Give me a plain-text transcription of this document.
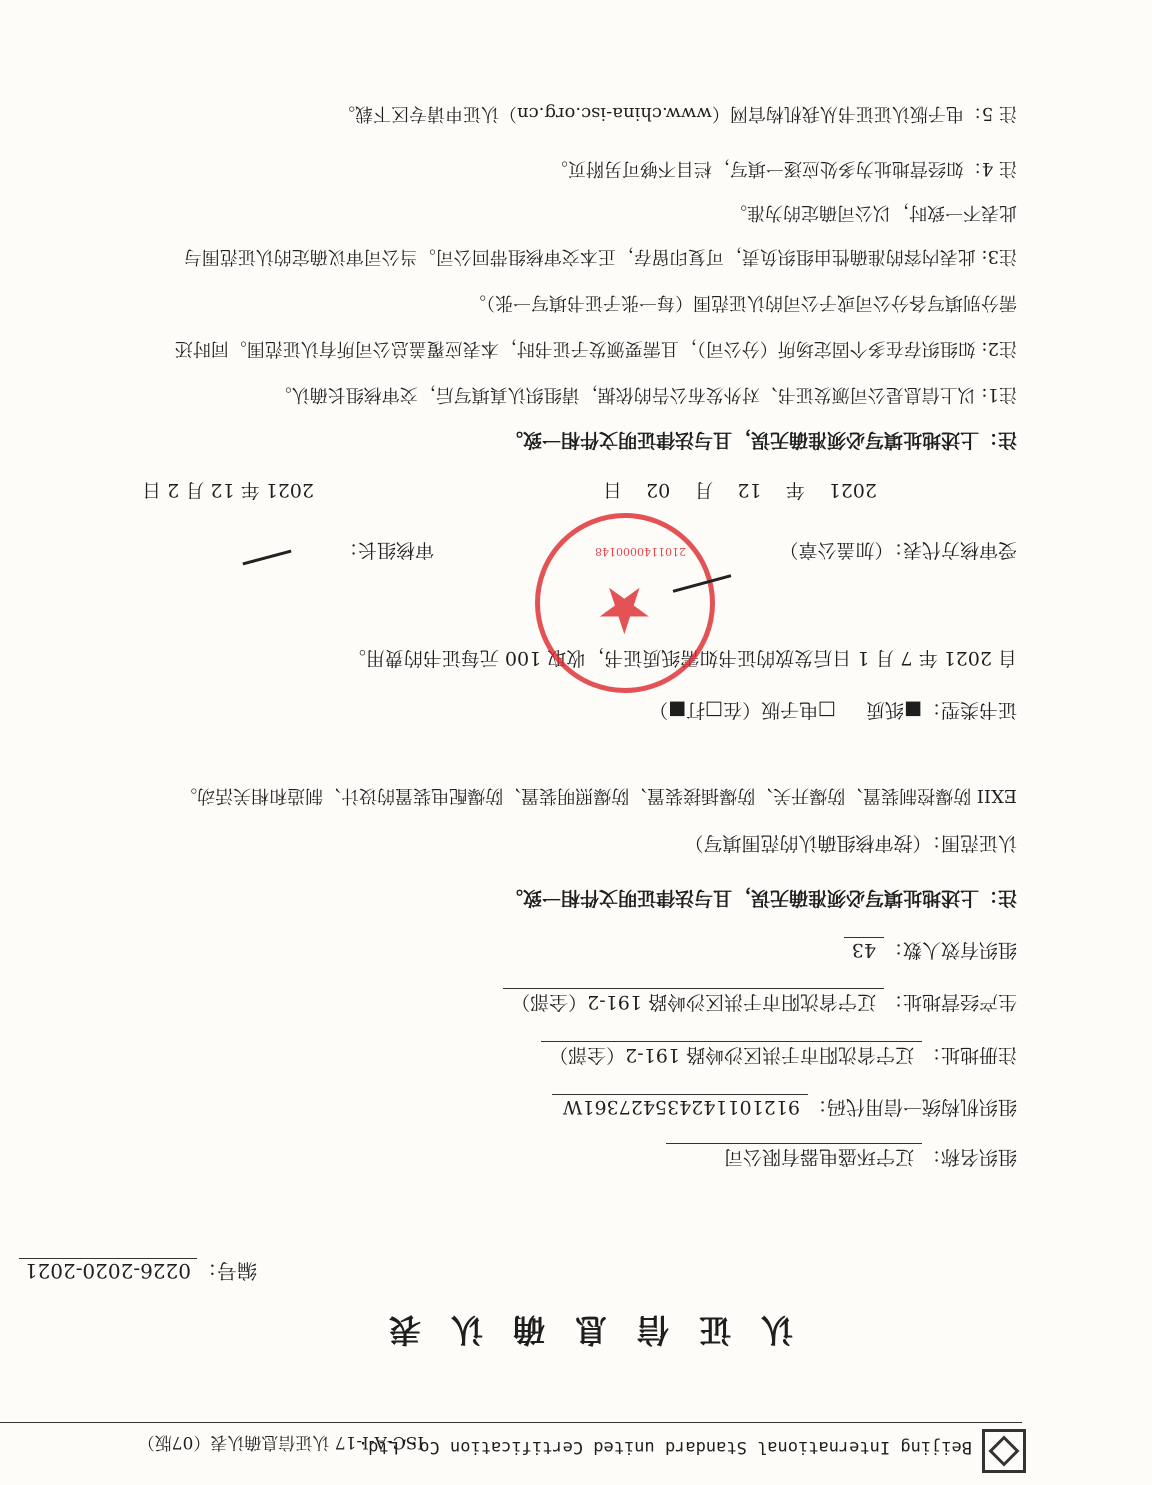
Beijing International Standard united Certification Co.,Ltd.
ISC-A-I-17 认证信息确认表（07版）
认证信息确认表
编号：0226-2020-2021
组织名称：辽宁环盛电器有限公司
组织机构统一信用代码：912101142435427361W
注册地址：辽宁省沈阳市于洪区沙岭路 191-2（全部）
生产经营地址：辽宁省沈阳市于洪区沙岭路 191-2（全部）
组织有效人数：43
注：上述地址填写必须准确无误，且与法律证明文件相一致。
认证范围：（按审核组确认的范围填写）
EXII 防爆控制装置、防爆开关、防爆插接装置、防爆照明装置、防爆配电装置的设计、制造和相关活动。
证书类型：■纸质□电子版（在□打■）
自 2021 年 7 月 1 日后发放的证书如需纸质证书，收取 100 元每证书的费用。
受审核方代表：（加盖公章）
审核组长：
★
2101140000148
2021 年 12 月 02 日
2021 年 12 月 2 日
注：上述地址填写必须准确无误，且与法律证明文件相一致。
注1: 以上信息是公司颁发证书、对外发布公告的依据，请组织认真填写后，交审核组长确认。
注2: 如组织存在多个固定场所（分公司），且需要颁发子证书时，本表应覆盖总公司所有认证范围。同时还
需分别填写各分公司或子公司的认证范围（每一张子证书填写一张）。
注3: 此表内容的准确性由组织负责，可复印留存，正本交审核组带回公司。当公司审议确定的认证范围与
此表不一致时，以公司确定的为准。
注 4：如经营地址为多处应逐一填写，栏目不够可另附页。
注 5：电子版认证证书从我机构官网（www.china-isc.org.cn）认证申请专区下载。
